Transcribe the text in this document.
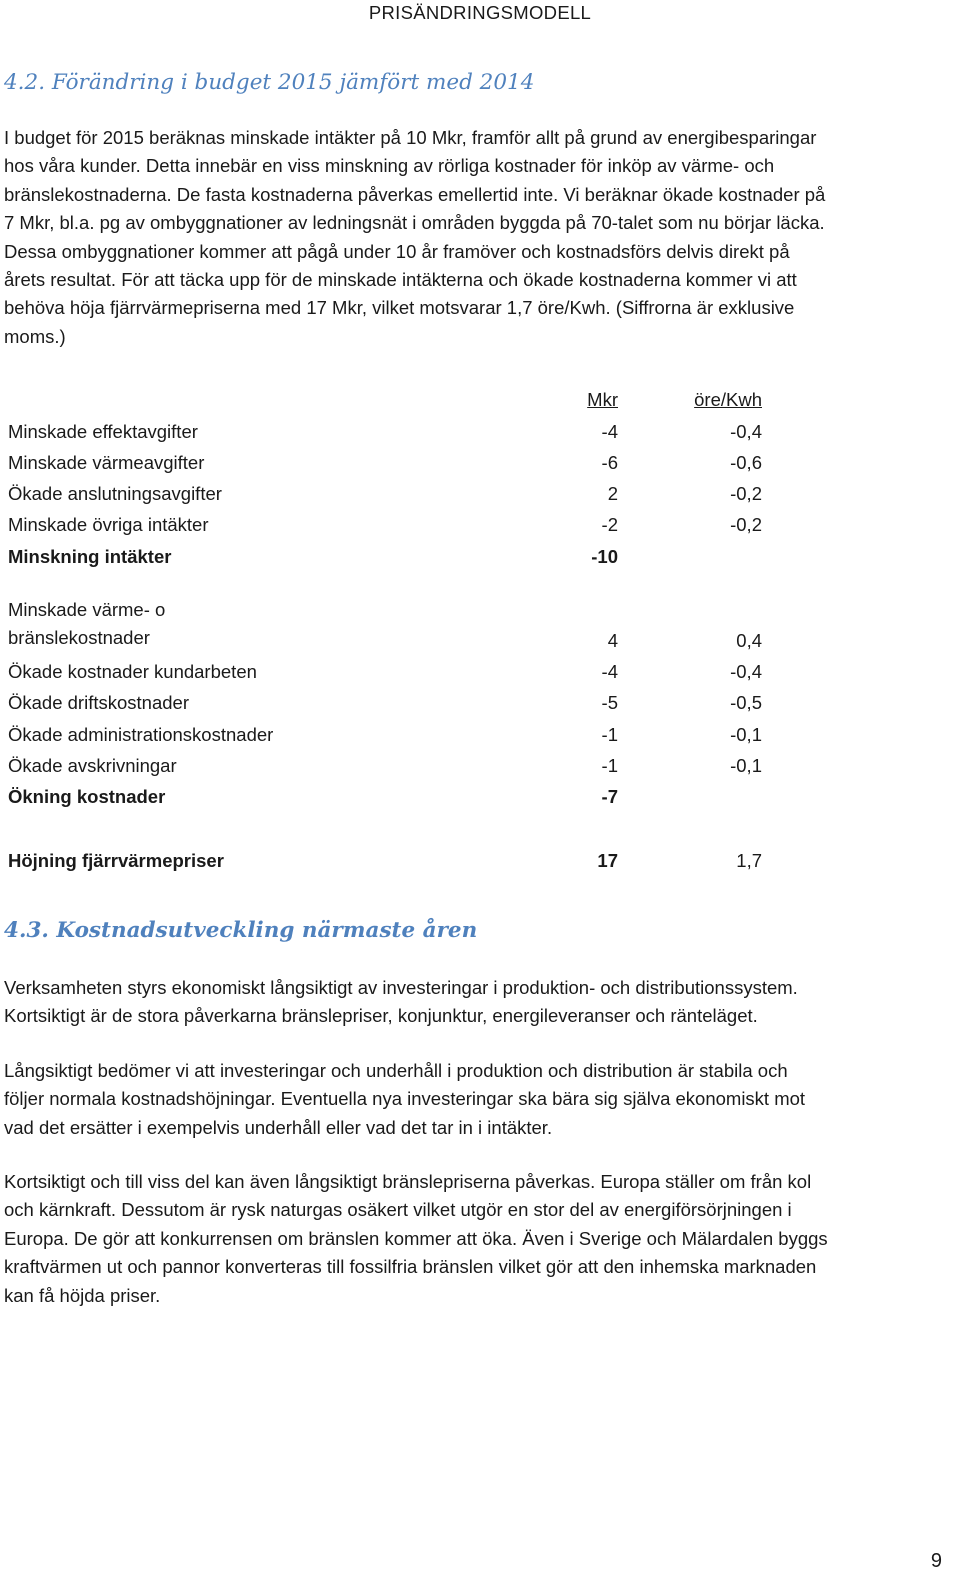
PRISÄNDRINGSMODELL
4.2. Förändring i budget 2015 jämfört med 2014
I budget för 2015 beräknas minskade intäkter på 10 Mkr, framför allt på grund av energibesparingar
hos våra kunder. Detta innebär en viss minskning av rörliga kostnader för inköp av värme- och
bränslekostnaderna. De fasta kostnaderna påverkas emellertid inte. Vi beräknar ökade kostnader på
7 Mkr, bl.a. pg av ombyggnationer av ledningsnät i områden byggda på 70-talet som nu börjar läcka.
Dessa ombyggnationer kommer att pågå under 10 år framöver och kostnadsförs delvis direkt på
årets resultat. För att täcka upp för de minskade intäkterna och ökade kostnaderna kommer vi att
behöva höja fjärrvärmepriserna med 17 Mkr, vilket motsvarar 1,7 öre/Kwh. (Siffrorna är exklusive
moms.)
	Mkr	öre/Kwh
Minskade effektavgifter	-4	-0,4
Minskade värmeavgifter	-6	-0,6
Ökade anslutningsavgifter	2	-0,2
Minskade övriga intäkter	-2	-0,2
Minskning intäkter	-10	

Minskade värme- o
bränslekostnader	4	0,4
Ökade kostnader kundarbeten	-4	-0,4
Ökade driftskostnader	-5	-0,5
Ökade administrationskostnader	-1	-0,1
Ökade avskrivningar	-1	-0,1
Ökning kostnader	-7	

Höjning fjärrvärmepriser	17	1,7
4.3. Kostnadsutveckling närmaste åren
Verksamheten styrs ekonomiskt långsiktigt av investeringar i produktion- och distributionssystem.
Kortsiktigt är de stora påverkarna bränslepriser, konjunktur, energileveranser och ränteläget.
Långsiktigt bedömer vi att investeringar och underhåll i produktion och distribution är stabila och
följer normala kostnadshöjningar. Eventuella nya investeringar ska bära sig själva ekonomiskt mot
vad det ersätter i exempelvis underhåll eller vad det tar in i intäkter.
Kortsiktigt och till viss del kan även långsiktigt bränslepriserna påverkas. Europa ställer om från kol
och kärnkraft. Dessutom är rysk naturgas osäkert vilket utgör en stor del av energiförsörjningen i
Europa. De gör att konkurrensen om bränslen kommer att öka. Även i Sverige och Mälardalen byggs
kraftvärmen ut och pannor konverteras till fossilfria bränslen vilket gör att den inhemska marknaden
kan få höjda priser.
9
